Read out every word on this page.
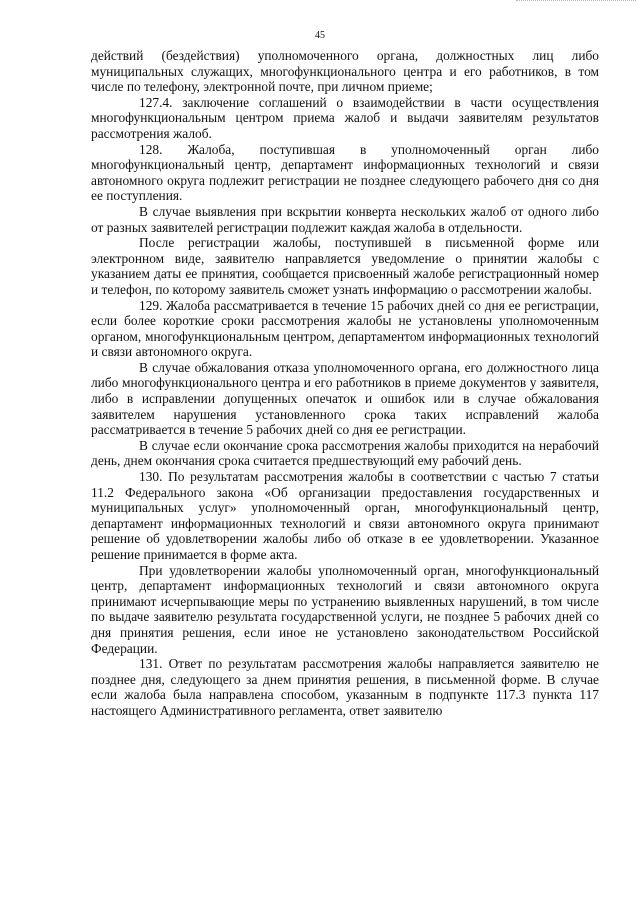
45

действий (бездействия) уполномоченного органа, должностных лиц либо муниципальных служащих, многофункционального центра и его работников, в том числе по телефону, электронной почте, при личном приеме;

127.4. заключение соглашений о взаимодействии в части осуществления многофункциональным центром приема жалоб и выдачи заявителям результатов рассмотрения жалоб.

128. Жалоба, поступившая в уполномоченный орган либо многофункциональный центр, департамент информационных технологий и связи автономного округа подлежит регистрации не позднее следующего рабочего дня со дня ее поступления.

В случае выявления при вскрытии конверта нескольких жалоб от одного либо от разных заявителей регистрации подлежит каждая жалоба в отдельности.

После регистрации жалобы, поступившей в письменной форме или электронном виде, заявителю направляется уведомление о принятии жалобы с указанием даты ее принятия, сообщается присвоенный жалобе регистрационный номер и телефон, по которому заявитель сможет узнать информацию о рассмотрении жалобы.

129. Жалоба рассматривается в течение 15 рабочих дней со дня ее регистрации, если более короткие сроки рассмотрения жалобы не установлены уполномоченным органом, многофункциональным центром, департаментом информационных технологий и связи автономного округа.

В случае обжалования отказа уполномоченного органа, его должностного лица либо многофункционального центра и его работников в приеме документов у заявителя, либо в исправлении допущенных опечаток и ошибок или в случае обжалования заявителем нарушения установленного срока таких исправлений жалоба рассматривается в течение 5 рабочих дней со дня ее регистрации.

В случае если окончание срока рассмотрения жалобы приходится на нерабочий день, днем окончания срока считается предшествующий ему рабочий день.

130. По результатам рассмотрения жалобы в соответствии с частью 7 статьи 11.2 Федерального закона «Об организации предоставления государственных и муниципальных услуг» уполномоченный орган, многофункциональный центр, департамент информационных технологий и связи автономного округа принимают решение об удовлетворении жалобы либо об отказе в ее удовлетворении. Указанное решение принимается в форме акта.

При удовлетворении жалобы уполномоченный орган, многофункциональный центр, департамент информационных технологий и связи автономного округа принимают исчерпывающие меры по устранению выявленных нарушений, в том числе по выдаче заявителю результата государственной услуги, не позднее 5 рабочих дней со дня принятия решения, если иное не установлено законодательством Российской Федерации.

131. Ответ по результатам рассмотрения жалобы направляется заявителю не позднее дня, следующего за днем принятия решения, в письменной форме. В случае если жалоба была направлена способом, указанным в подпункте 117.3 пункта 117 настоящего Административного регламента, ответ заявителю
